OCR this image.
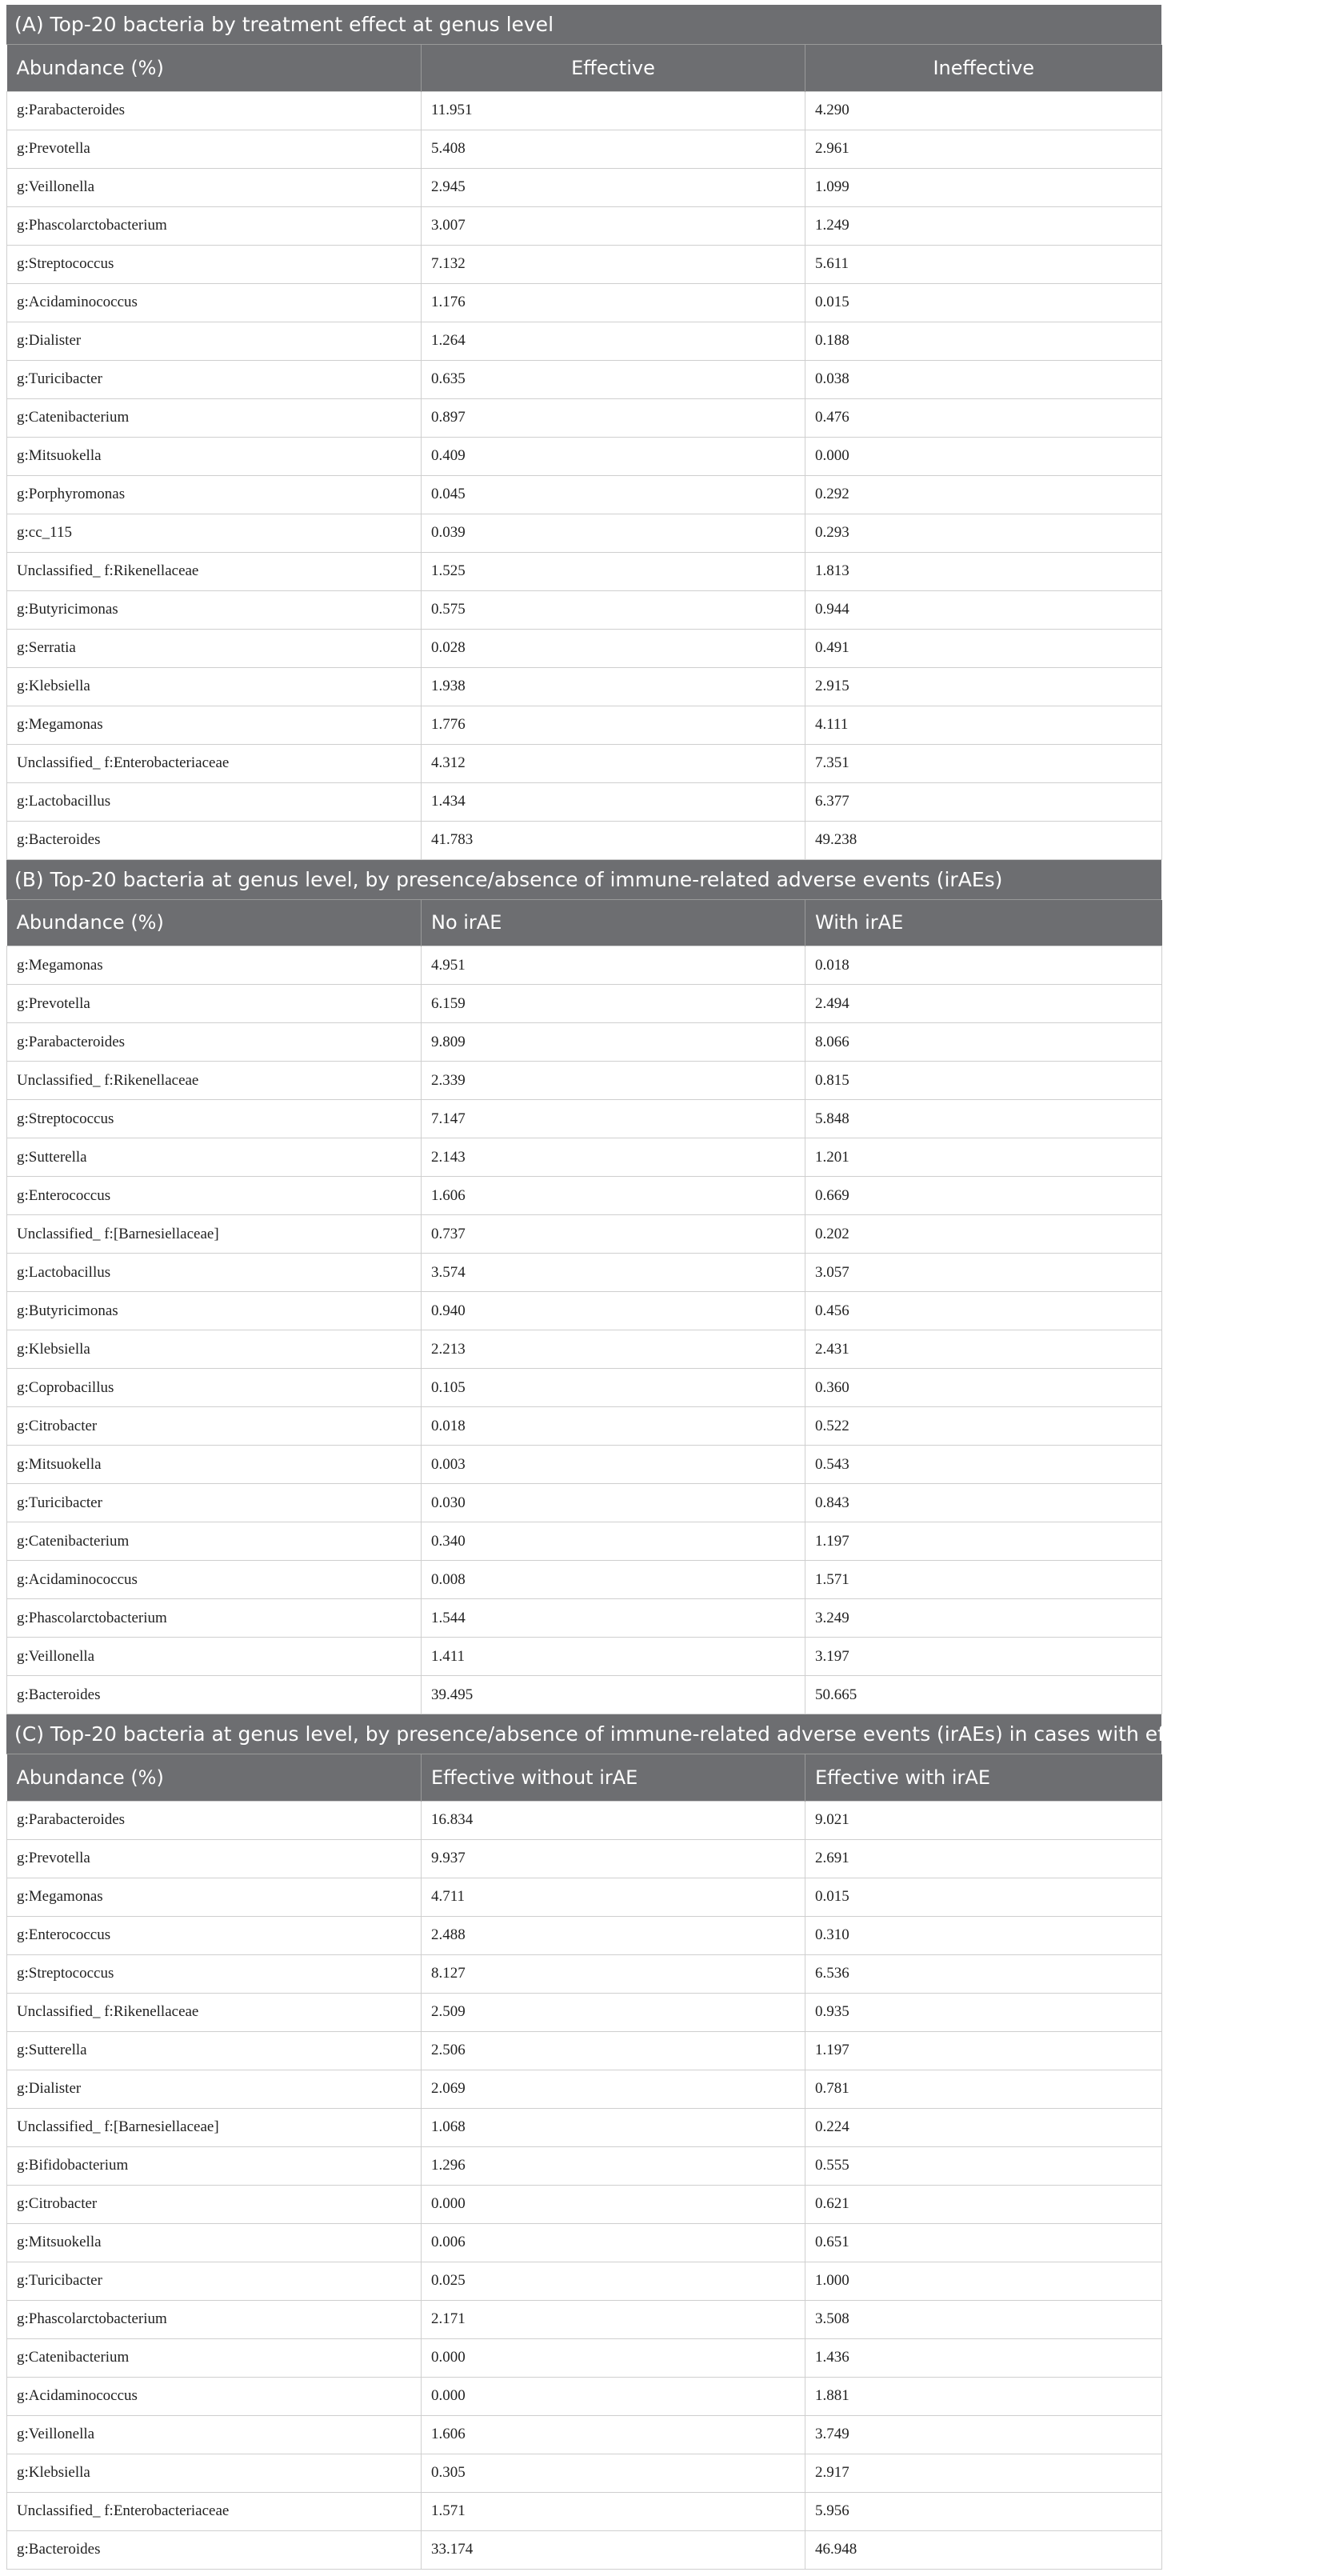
(A) Top-20 bacteria by treatment effect at genus level
Abundance (%)	Effective	Ineffective
g:Parabacteroides	11.951	4.290
g:Prevotella	5.408	2.961
g:Veillonella	2.945	1.099
g:Phascolarctobacterium	3.007	1.249
g:Streptococcus	7.132	5.611
g:Acidaminococcus	1.176	0.015
g:Dialister	1.264	0.188
g:Turicibacter	0.635	0.038
g:Catenibacterium	0.897	0.476
g:Mitsuokella	0.409	0.000
g:Porphyromonas	0.045	0.292
g:cc_115	0.039	0.293
Unclassified_ f:Rikenellaceae	1.525	1.813
g:Butyricimonas	0.575	0.944
g:Serratia	0.028	0.491
g:Klebsiella	1.938	2.915
g:Megamonas	1.776	4.111
Unclassified_ f:Enterobacteriaceae	4.312	7.351
g:Lactobacillus	1.434	6.377
g:Bacteroides	41.783	49.238
(B) Top-20 bacteria at genus level, by presence/absence of immune-related adverse events (irAEs)
Abundance (%)	No irAE	With irAE
g:Megamonas	4.951	0.018
g:Prevotella	6.159	2.494
g:Parabacteroides	9.809	8.066
Unclassified_ f:Rikenellaceae	2.339	0.815
g:Streptococcus	7.147	5.848
g:Sutterella	2.143	1.201
g:Enterococcus	1.606	0.669
Unclassified_ f:[Barnesiellaceae]	0.737	0.202
g:Lactobacillus	3.574	3.057
g:Butyricimonas	0.940	0.456
g:Klebsiella	2.213	2.431
g:Coprobacillus	0.105	0.360
g:Citrobacter	0.018	0.522
g:Mitsuokella	0.003	0.543
g:Turicibacter	0.030	0.843
g:Catenibacterium	0.340	1.197
g:Acidaminococcus	0.008	1.571
g:Phascolarctobacterium	1.544	3.249
g:Veillonella	1.411	3.197
g:Bacteroides	39.495	50.665
(C) Top-20 bacteria at genus level, by presence/absence of immune-related adverse events (irAEs) in cases with effective treatment
Abundance (%)	Effective without irAE	Effective with irAE
g:Parabacteroides	16.834	9.021
g:Prevotella	9.937	2.691
g:Megamonas	4.711	0.015
g:Enterococcus	2.488	0.310
g:Streptococcus	8.127	6.536
Unclassified_ f:Rikenellaceae	2.509	0.935
g:Sutterella	2.506	1.197
g:Dialister	2.069	0.781
Unclassified_ f:[Barnesiellaceae]	1.068	0.224
g:Bifidobacterium	1.296	0.555
g:Citrobacter	0.000	0.621
g:Mitsuokella	0.006	0.651
g:Turicibacter	0.025	1.000
g:Phascolarctobacterium	2.171	3.508
g:Catenibacterium	0.000	1.436
g:Acidaminococcus	0.000	1.881
g:Veillonella	1.606	3.749
g:Klebsiella	0.305	2.917
Unclassified_ f:Enterobacteriaceae	1.571	5.956
g:Bacteroides	33.174	46.948
